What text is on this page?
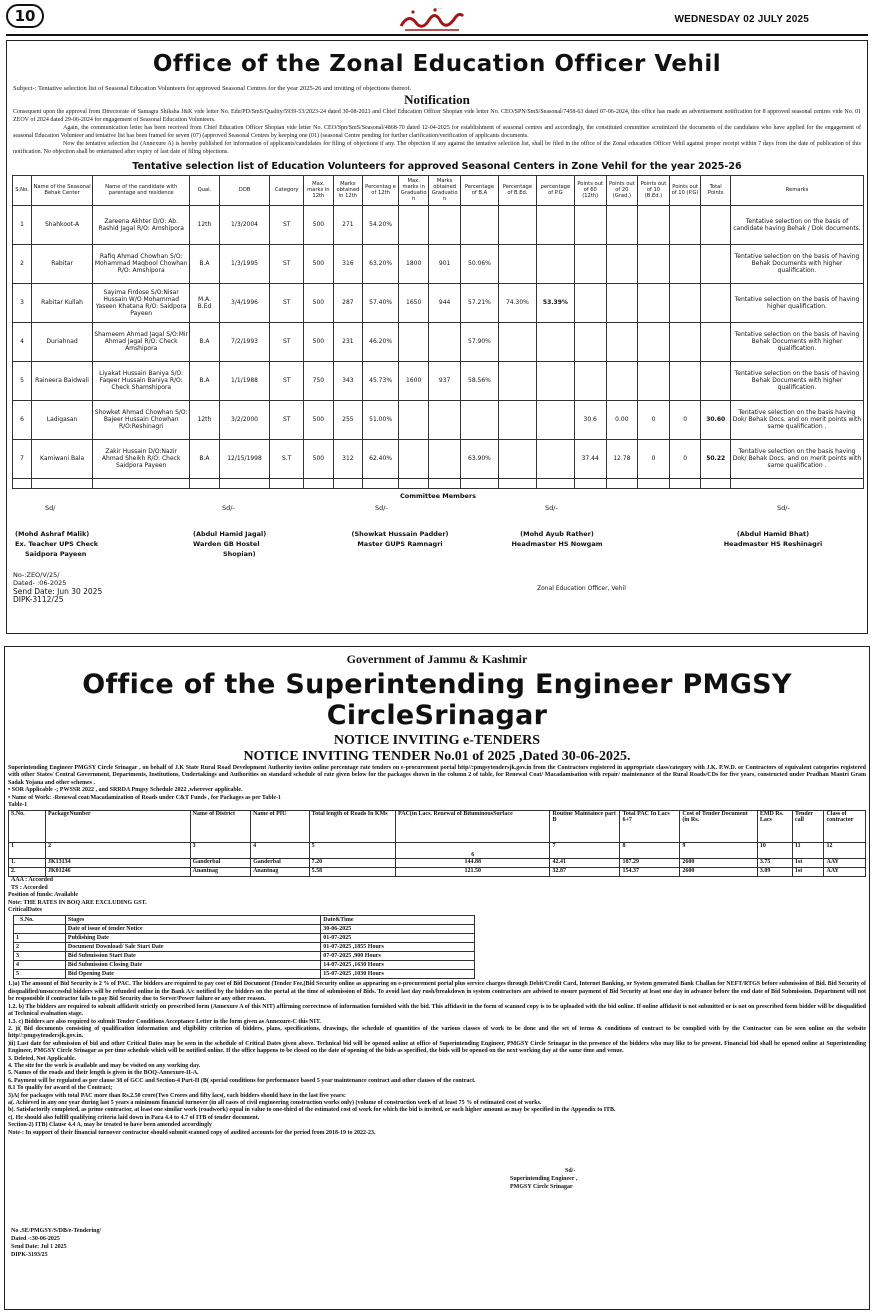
10	~~~
WEDNESDAY 02 JULY 2025
Office of the Zonal Education Officer Vehil
Subject-: Tentative selection list of Seasonal Education Volunteers for approved Seasonal Centres for the year 2025-26 and inviting of objections thereof.
Notification
Consequent upon the approval from Directorate of Samagra Shiksha J&K vide letter No. Edu/PD/SmS/Quality/5939-53/2023-24 dated 30-08-2023 and Chief Education Officer Shopian vide letter No. CEO/SPN/SmS/Seasonal/7458-63 dated 07-06-2024, this office has made an advertisement notification for 8 approved seasonal centres vide No. 01 ZEOV of 2024 dated 29-06-2024 for engagement of Seasonal Education Volunteers.
Again, the communication letter has been received from Chief Education Officer Shopian vide letter No. CEO/Spn/SmS/Seasonal/4868-70 dated 12-04-2025 for establishment of seasonal centres and accordingly, the constituted committee scrutinized the documents of the candidates who have applied for the engagement of seasonal Education Volunteer and tentative list has been framed for seven (07) (approved Seasonal Centres by keeping one (01) (seasonal Centre pending for further clarification/verification of applicants documents.
Now the tentative selection list (Annexure A) is hereby published for information of applicants/candidates for filing of objections if any. The objection if any against the tentative selection list, shall be filed in the office of the Zonal education Officer Vehil against proper receipt within 7 days from the date of publication of this notification. No objection shall be entertained after expiry of last date of filing objections.
Tentative selection list of Education Volunteers for approved Seasonal Centers in Zone Vehil for the year 2025-26
S.No.	Name of the Seasonal Behak Center	Name of the candidate with parentage and residence	Qual.	DOB	Category	Max. marks in 12th	Marks obtained in 12th	Percentag e of 12th	Max. marks in Graduatio n	Marks obtained Graduatio n	Percentage of B.A	Percentage of B.Ed.	percentage of P.G	Points out of 60 (12th)	Points out of 20 (Grad.)	Points out of 10 (B.Ed.)	Points out of 10 (P.G)	Total Points	Remarks
1	Shahkoot-A	Zareena Akhter D/O: Ab. Rashid Jagal R/O: Amshipora	12th	1/3/2004	ST	500	271	54.20%											Tentative selection on the basis of candidate having Behak / Dok documents.
2	Rabitar	Rafiq Ahmad Chowhan S/O: Mohammad Maqbool Chowhan R/O: Amshipora	B.A	1/3/1995	ST	500	316	63.20%	1800	901	50.06%								Tentative selection on the basis of having Behak Documents with higher qualification.
3	Rabitar Kullah	Sayima Firdose S/O:Nisar Hussain W/O Mohammad Yaseen Khatana R/O: Saidpora Payeen	M.A. B.Ed	3/4/1996	ST	500	287	57.40%	1650	944	57.21%	74.30%	53.39%						Tentative selection on the basis of having higher qualification.
4	Duriahnad	Shameem Ahmad Jagal S/O:Mir Ahmad Jagal R/O: Check Amshipora	B.A	7/2/1993	ST	500	231	46.20%			57.90%								Tentative selection on the basis of having Behak Documents with higher qualification.
5	Raineera Baidwali	Liyakat Hussain Baniya S/O: Faqeer Hussain Baniya R/O: Check Shamshipora	B.A	1/1/1988	ST	750	343	45.73%	1600	937	58.56%								Tentative selection on the basis of having Behak Documents with higher qualification.
6	Ladigasan	Showket Ahmad Chowhan S/O: Bajeer Hussain Chowhan R/O:Reshinagri	12th	3/2/2000	ST	500	255	51.00%						30.6	0.00	0	0	30.60	Tentative selection on the basis having Dok/ Behak Docs. and on merit points with same qualification .
7	Kamiwani Bala	Zakir Hussain D/O:Nazir Ahmad Sheikh R/O: Check Saidpora Payeen	B.A	12/15/1998	S.T	500	312	62.40%			63.90%			37.44	12.78	0	0	50.22	Tentative selection on the basis having Dok/ Behak Docs. and on merit points with same qualification .

Committee Members
Sd/	Sd/-	Sd/-	Sd/-	Sd/-
(Mohd Ashraf Malik)
Ex. Teacher UPS Check
Saidpora Payeen
(Abdul Hamid Jagal)
Warden GB Hostel
Shopian)
(Showkat Hussain Padder)
Master GUPS Ramnagri
(Mohd Ayub Rather)
Headmaster HS Nowgam
(Abdul Hamid Bhat)
Headmaster HS Reshinagri
No-:ZEO/V/25/
Dated- :06-2025
Send Date: Jun 30 2025
DIPK-3112/25
Zonal Education Officer, Vehil
Government of Jammu & Kashmir
Office of the Superintending Engineer PMGSY CircleSrinagar
NOTICE INVITING e-TENDERS
NOTICE INVITING TENDER No.01 of 2025 ,Dated 30-06-2025.
Superintending Engineer PMGSY Circle Srinagar , on behalf of J.K State Rural Road Development Authority invites online percentage rate tenders on e-procurement portal http//:pmgsytendersjk.gov.in from the Contractors registered in appropriate class/category with J.K. P.W.D. or Contractors of equivalent categories registered with other States/ Central Government, Departments, Institutions, Undertakings and Authorities on standard schedule of rate given below for the packages shown in the column 2 of table, for Renewal Coat/ Macadamisation with repair/ maintenance of the Rural Roads/CDs for five years, constructed under Pradhan Mantri Gram Sadak Yojana and other schemes .
• SOR Applicable -; PWSSR 2022 , and SRRDA Pmgsy Schedule 2022 ,wherever applicable.
• Name of Work: -Renewal coat/Macadamization of Roads under C&T Funds , for Packages as per Table-1
Table-1
S.No.	PackageNumber	Name of District	Name of PIU	Total length of Roads In KMs	PAC(in Lacs. Renewal of BituminousSurface	Routine Maintaince part B	Total PAC In Lacs 6+7	Cost of Tender Document (in Rs.	EMD Rs. Lacs	Tender call	Class of contractor
1	2	3	4	5	6	7	8	9	10	11	12
1.	JK13134	Ganderbal	Ganderbal	7.20	144.88	42.41	187.29	2600	3.75	1st	AAY
2.	JK01246	Anantnag	Anantnag	5.58	121.50	32.87	154.37	2600	3.09	1st	AAY
AAA : Accorded
TS : Accorded
Position of funds: Available
Note: THE RATES IN BOQ ARE EXCLUDING GST.
CriticalDates
S.No.	Stages	Date&Time
	Date of issue of tender Notice	30-06-2025
1	Publishing Date	01-07-2025
2	Document Download/ Sale Start Date	01-07-2025 ,1855 Hours
3	Bid Submission Start Date	07-07-2025 ,900 Hours
4	Bid Submission Closing Date	14-07-2025 ,1630 Hours
5	Bid Opening Date	15-07-2025 ,1030 Hours
1.)a) The amount of Bid Security is 2 % of PAC. The bidders are required to pay cost of Bid Document (Tender Fee,(Bid Security online as appearing on e-procurement portal plus service charges through Debit/Credit Card, Internet Banking, or System generated Bank Challan for NEFT/RTGS before submission of Bid. Bid Security of disqualified/unsuccessful bidders will be refunded online in the Bank A/c notified by the bidders on the portal at the time of submission of Bids. To avoid last day rush/breakdown in system contractors are advised to ensure payment of Bid Security at least one day in advance before the end date of Bid Submission. Department will not be responsible if contractor fails to pay Bid Security due to Server/Power failure or any other reason.
1.2. b) The bidders are required to submit affidavit strictly on prescribed form (Annexure A of this NIT) affirming correctness of information furnished with the bid. This affidavit in the form of scanned copy is to be uploaded with the bid online. If online affidavit is not submitted or is not on prescribed form bidder will be disqualified at Technical evaluation stage.
1.3. c) Bidders are also required to submit Tender Conditions Acceptance Letter in the form given as Annexure-C this NIT.
2. )i( Bid documents consisting of qualification information and eligibility criterion of bidders, plans, specifications, drawings, the schedule of quantities of the various classes of work to be done and the set of terms & conditions of contract to be complied with by the Contractor can be seen online on the website http//:pmgsytendersjk.gov.in.
)ii) Last date for submission of bid and other Critical Dates may be seen in the schedule of Critical Dates given above. Technical bid will be opened online at office of Superintending Engineer, PMGSY Circle Srinagar in the presence of the bidders who may like to be present. Financial bid shall be opened online at Superintending Engineer, PMGSY Circle Srinagar as per time schedule which will be notified online. If the office happens to be closed on the date of opening of the bids as specified, the bids will be opened on the next working day at the same time and venue.
3. Deleted, Not Applicable.
4. The site for the work is available and may be visited on any working day.
5. Names of the roads and their length is given in the BOQ-Annexure-II-A.
6. Payment will be regulated as per clause 38 of GCC and Section-4 Part-II (B( special conditions for performance based 5 year maintenance contract and other clauses of the contract.
8.1 To qualify for award of the Contract;
3)A( for packages with total PAC more than Rs.2.50 crore(Two Crores and fifty lacs(, each bidders should have in the last five years:
a(. Achieved in any one year during last 5 years a minimum financial turnover (in all cases of civil engineering construction works only) (volume of construction work of at least 75 % of estimated cost of works.
b(. Satisfactorily completed, as prime contractor, at least one similar work (roadwork) equal in value to one-third of the estimated cost of work for which the bid is invited, or such higher amount as may be specified in the Appendix to ITB.
c(. He should also fulfill qualifying criteria laid down in Para 4.4 to 4.7 of ITB of tender document.
Section-2) ITB) Clause 4.4 A, may be treated to have been amended accordingly
Note-: In support of their financial turnover contractor should submit scanned copy of audited accounts for the period from 2018-19 to 2022-23.
Sd/-
Superintending Engineer ,
PMGSY Circle Srinagar
No .SE/PMGSY/S/DB/e-Tendering/
Dated -:30-06-2025
Send Date: Jul 1 2025
DIPK-3193/25
